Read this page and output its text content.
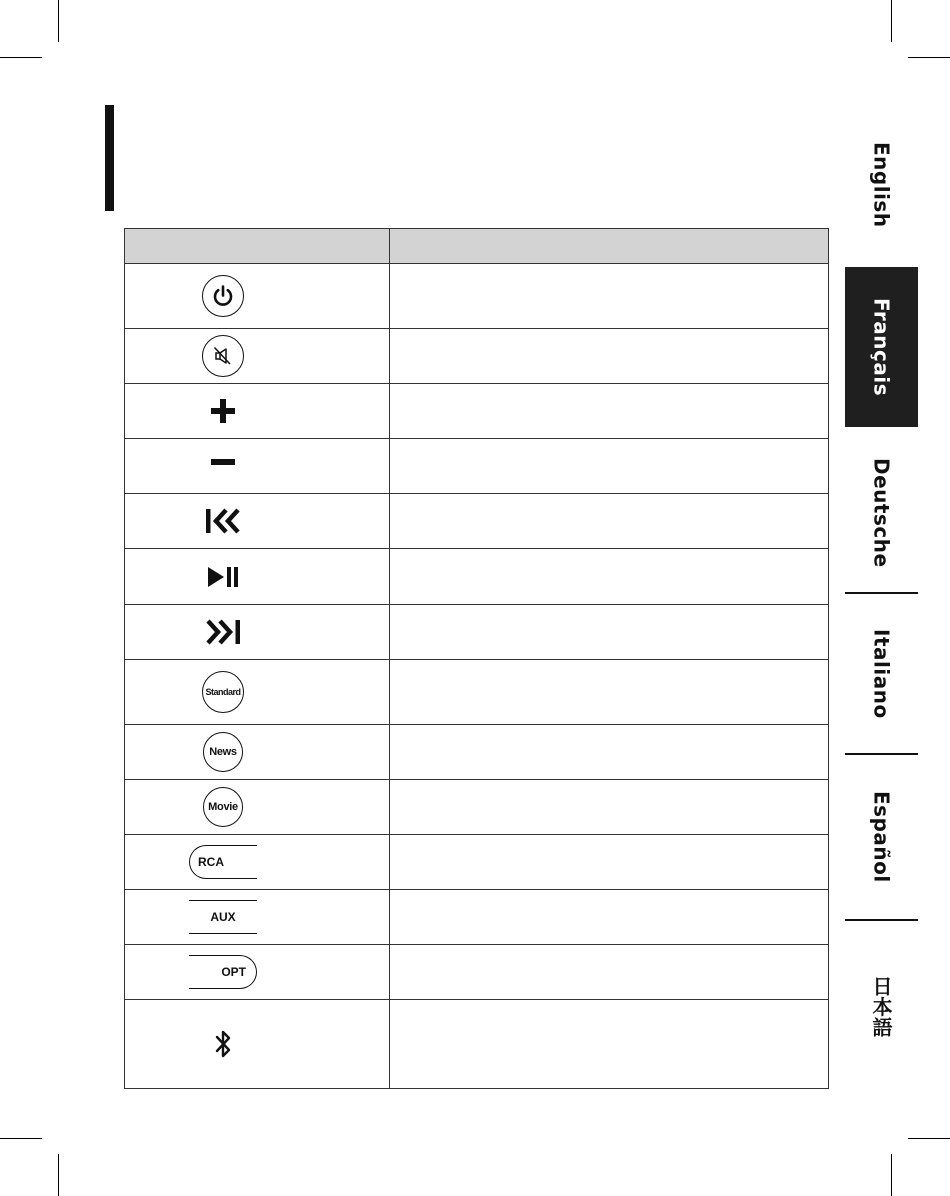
Standard	

News	

Movie	

RCA	

AUX	

OPT	

English
Français
Deutsche
Italiano
Español
日本語
